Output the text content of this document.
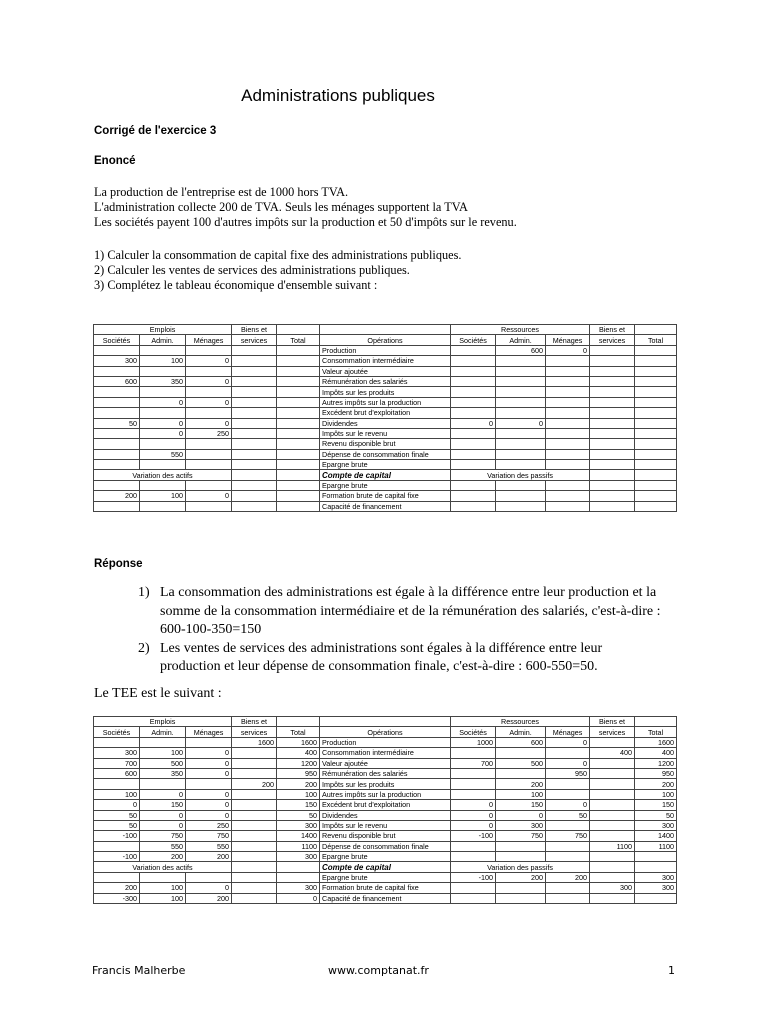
Administrations publiques
Corrigé de l'exercice 3
Enoncé
La production de l'entreprise est de 1000 hors TVA.
L'administration collecte 200 de TVA. Seuls les ménages supportent la TVA
Les sociétés payent 100 d'autres impôts sur la production et 50 d'impôts sur le revenu.
1) Calculer la consommation de capital fixe des administrations publiques.
2) Calculer les ventes de services des administrations publiques.
3) Complétez le tableau économique d'ensemble suivant :
Emplois			Biens et			Ressources			Biens et	
Sociétés	Admin.	Ménages	services	Total	Opérations	Sociétés	Admin.	Ménages	services	Total
					Production		600	0		
300	100	0			Consommation intermédiaire					
					Valeur ajoutée					
600	350	0			Rémunération des salariés					
					Impôts sur les produits					
	0	0			Autres impôts sur la production					
					Excédent brut d'exploitation					
50	0	0			Dividendes	0	0			
	0	250			Impôts sur le revenu					
					Revenu disponible brut					
	550				Dépense de consommation finale					
					Epargne brute					
Variation des actifs					Compte de capital	Variation des passifs				
					Epargne brute					
200	100	0			Formation brute de capital fixe					
					Capacité de financement					
Réponse
1) La consommation des administrations est égale à la différence entre leur production et la
somme de la consommation intermédiaire et de la rémunération des salariés, c'est-à-dire :
600-100-350=150
2) Les ventes de services des administrations sont égales à la différence entre leur
production et leur dépense de consommation finale, c'est-à-dire : 600-550=50.
Le TEE est le suivant :
Emplois			Biens et			Ressources			Biens et	
Sociétés	Admin.	Ménages	services	Total	Opérations	Sociétés	Admin.	Ménages	services	Total
			1600	1600	Production	1000	600	0		1600
300	100	0		400	Consommation intermédiaire				400	400
700	500	0		1200	Valeur ajoutée	700	500	0		1200
600	350	0		950	Rémunération des salariés			950		950
			200	200	Impôts sur les produits		200			200
100	0	0		100	Autres impôts sur la production		100			100
0	150	0		150	Excédent brut d'exploitation	0	150	0		150
50	0	0		50	Dividendes	0	0	50		50
50	0	250		300	Impôts sur le revenu	0	300			300
-100	750	750		1400	Revenu disponible brut	-100	750	750		1400
	550	550		1100	Dépense de consommation finale				1100	1100
-100	200	200		300	Epargne brute					
Variation des actifs					Compte de capital	Variation des passifs				
					Epargne brute	-100	200	200		300
200	100	0		300	Formation brute de capital fixe				300	300
-300	100	200		0	Capacité de financement					
Francis Malherbe	www.comptanat.fr	1
